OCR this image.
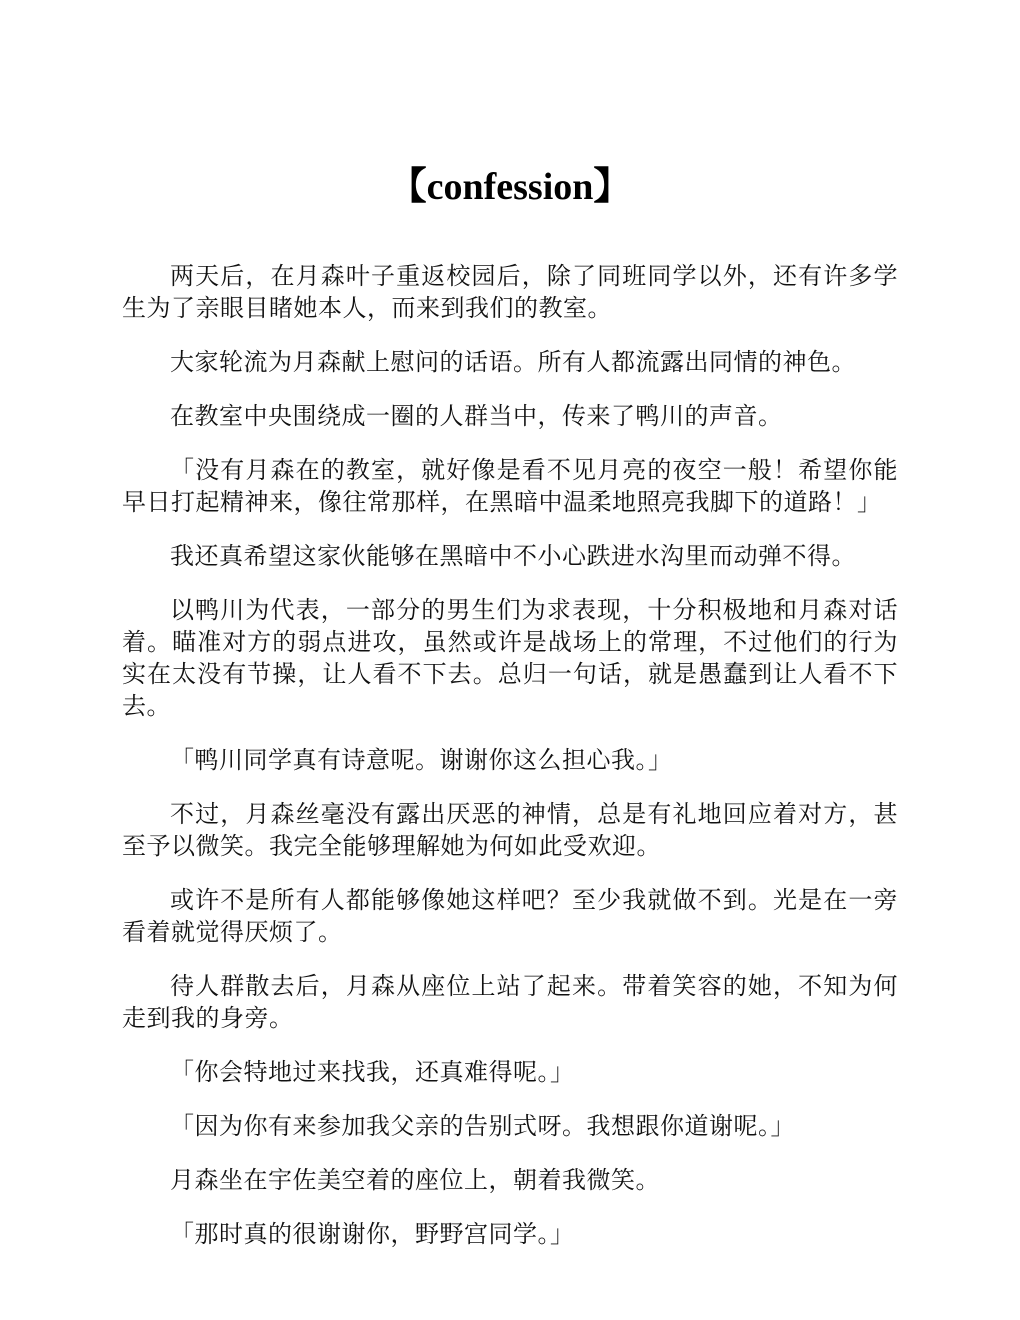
【confession】

两天后，在月森叶子重返校园后，除了同班同学以外，还有许多学生为了亲眼目睹她本人，而来到我们的教室。

大家轮流为月森献上慰问的话语。所有人都流露出同情的神色。

在教室中央围绕成一圈的人群当中，传来了鸭川的声音。

「没有月森在的教室，就好像是看不见月亮的夜空一般！希望你能早日打起精神来，像往常那样，在黑暗中温柔地照亮我脚下的道路！」

我还真希望这家伙能够在黑暗中不小心跌进水沟里而动弹不得。

以鸭川为代表，一部分的男生们为求表现，十分积极地和月森对话着。瞄准对方的弱点进攻，虽然或许是战场上的常理，不过他们的行为实在太没有节操，让人看不下去。总归一句话，就是愚蠢到让人看不下去。

「鸭川同学真有诗意呢。谢谢你这么担心我。」

不过，月森丝毫没有露出厌恶的神情，总是有礼地回应着对方，甚至予以微笑。我完全能够理解她为何如此受欢迎。

或许不是所有人都能够像她这样吧？至少我就做不到。光是在一旁看着就觉得厌烦了。

待人群散去后，月森从座位上站了起来。带着笑容的她，不知为何走到我的身旁。

「你会特地过来找我，还真难得呢。」

「因为你有来参加我父亲的告别式呀。我想跟你道谢呢。」

月森坐在宇佐美空着的座位上，朝着我微笑。

「那时真的很谢谢你，野野宫同学。」
